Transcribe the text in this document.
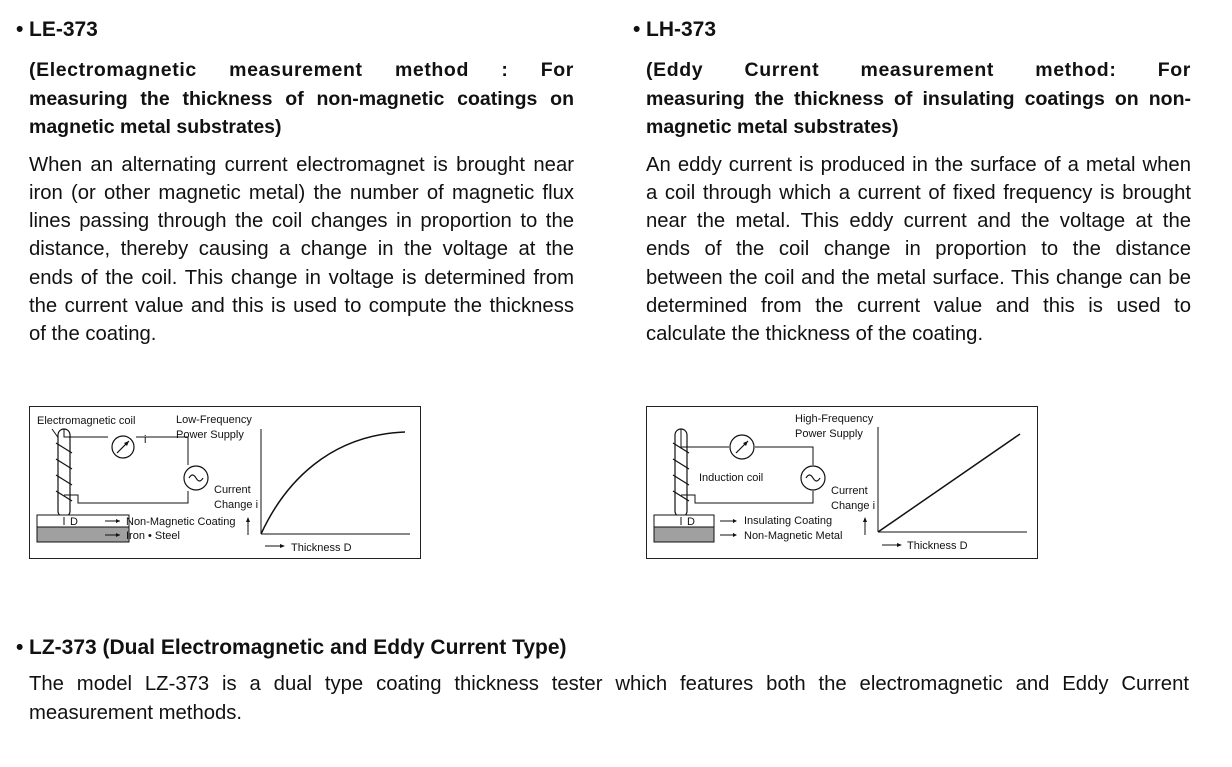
• LE-373
(Electromagnetic measurement method : For
measuring the thickness of non-magnetic coatings on magnetic metal substrates)
When an alternating current electromagnet is brought near iron (or other magnetic metal) the number of magnetic flux lines passing through the coil changes in proportion to the distance, thereby causing a change in the voltage at the ends of the coil. This change in voltage is determined from the current value and this is used to compute the thickness of the coating.
• LH-373
(Eddy Current measurement method: For
measuring the thickness of insulating coatings on non-magnetic metal substrates)
An eddy current is produced in the surface of a metal when a coil through which a current of fixed frequency is brought near the metal. This eddy current and the voltage at the ends of the coil change in proportion to the distance between the coil and the metal surface. This change can be determined from the current value and this is used to calculate the thickness of the coating.
Electromagnetic coil	Low-Frequency
Power Supply
i
Current
Change i
D	Non-Magnetic Coating
Iron • Steel
Thickness D
High-Frequency
Power Supply
Induction coil
Current
Change i
D	Insulating Coating
Non-Magnetic Metal
Thickness D
• LZ-373 (Dual Electromagnetic and Eddy Current Type)
The model LZ-373 is a dual type coating thickness tester which features both the electromagnetic and Eddy Current measurement methods.
